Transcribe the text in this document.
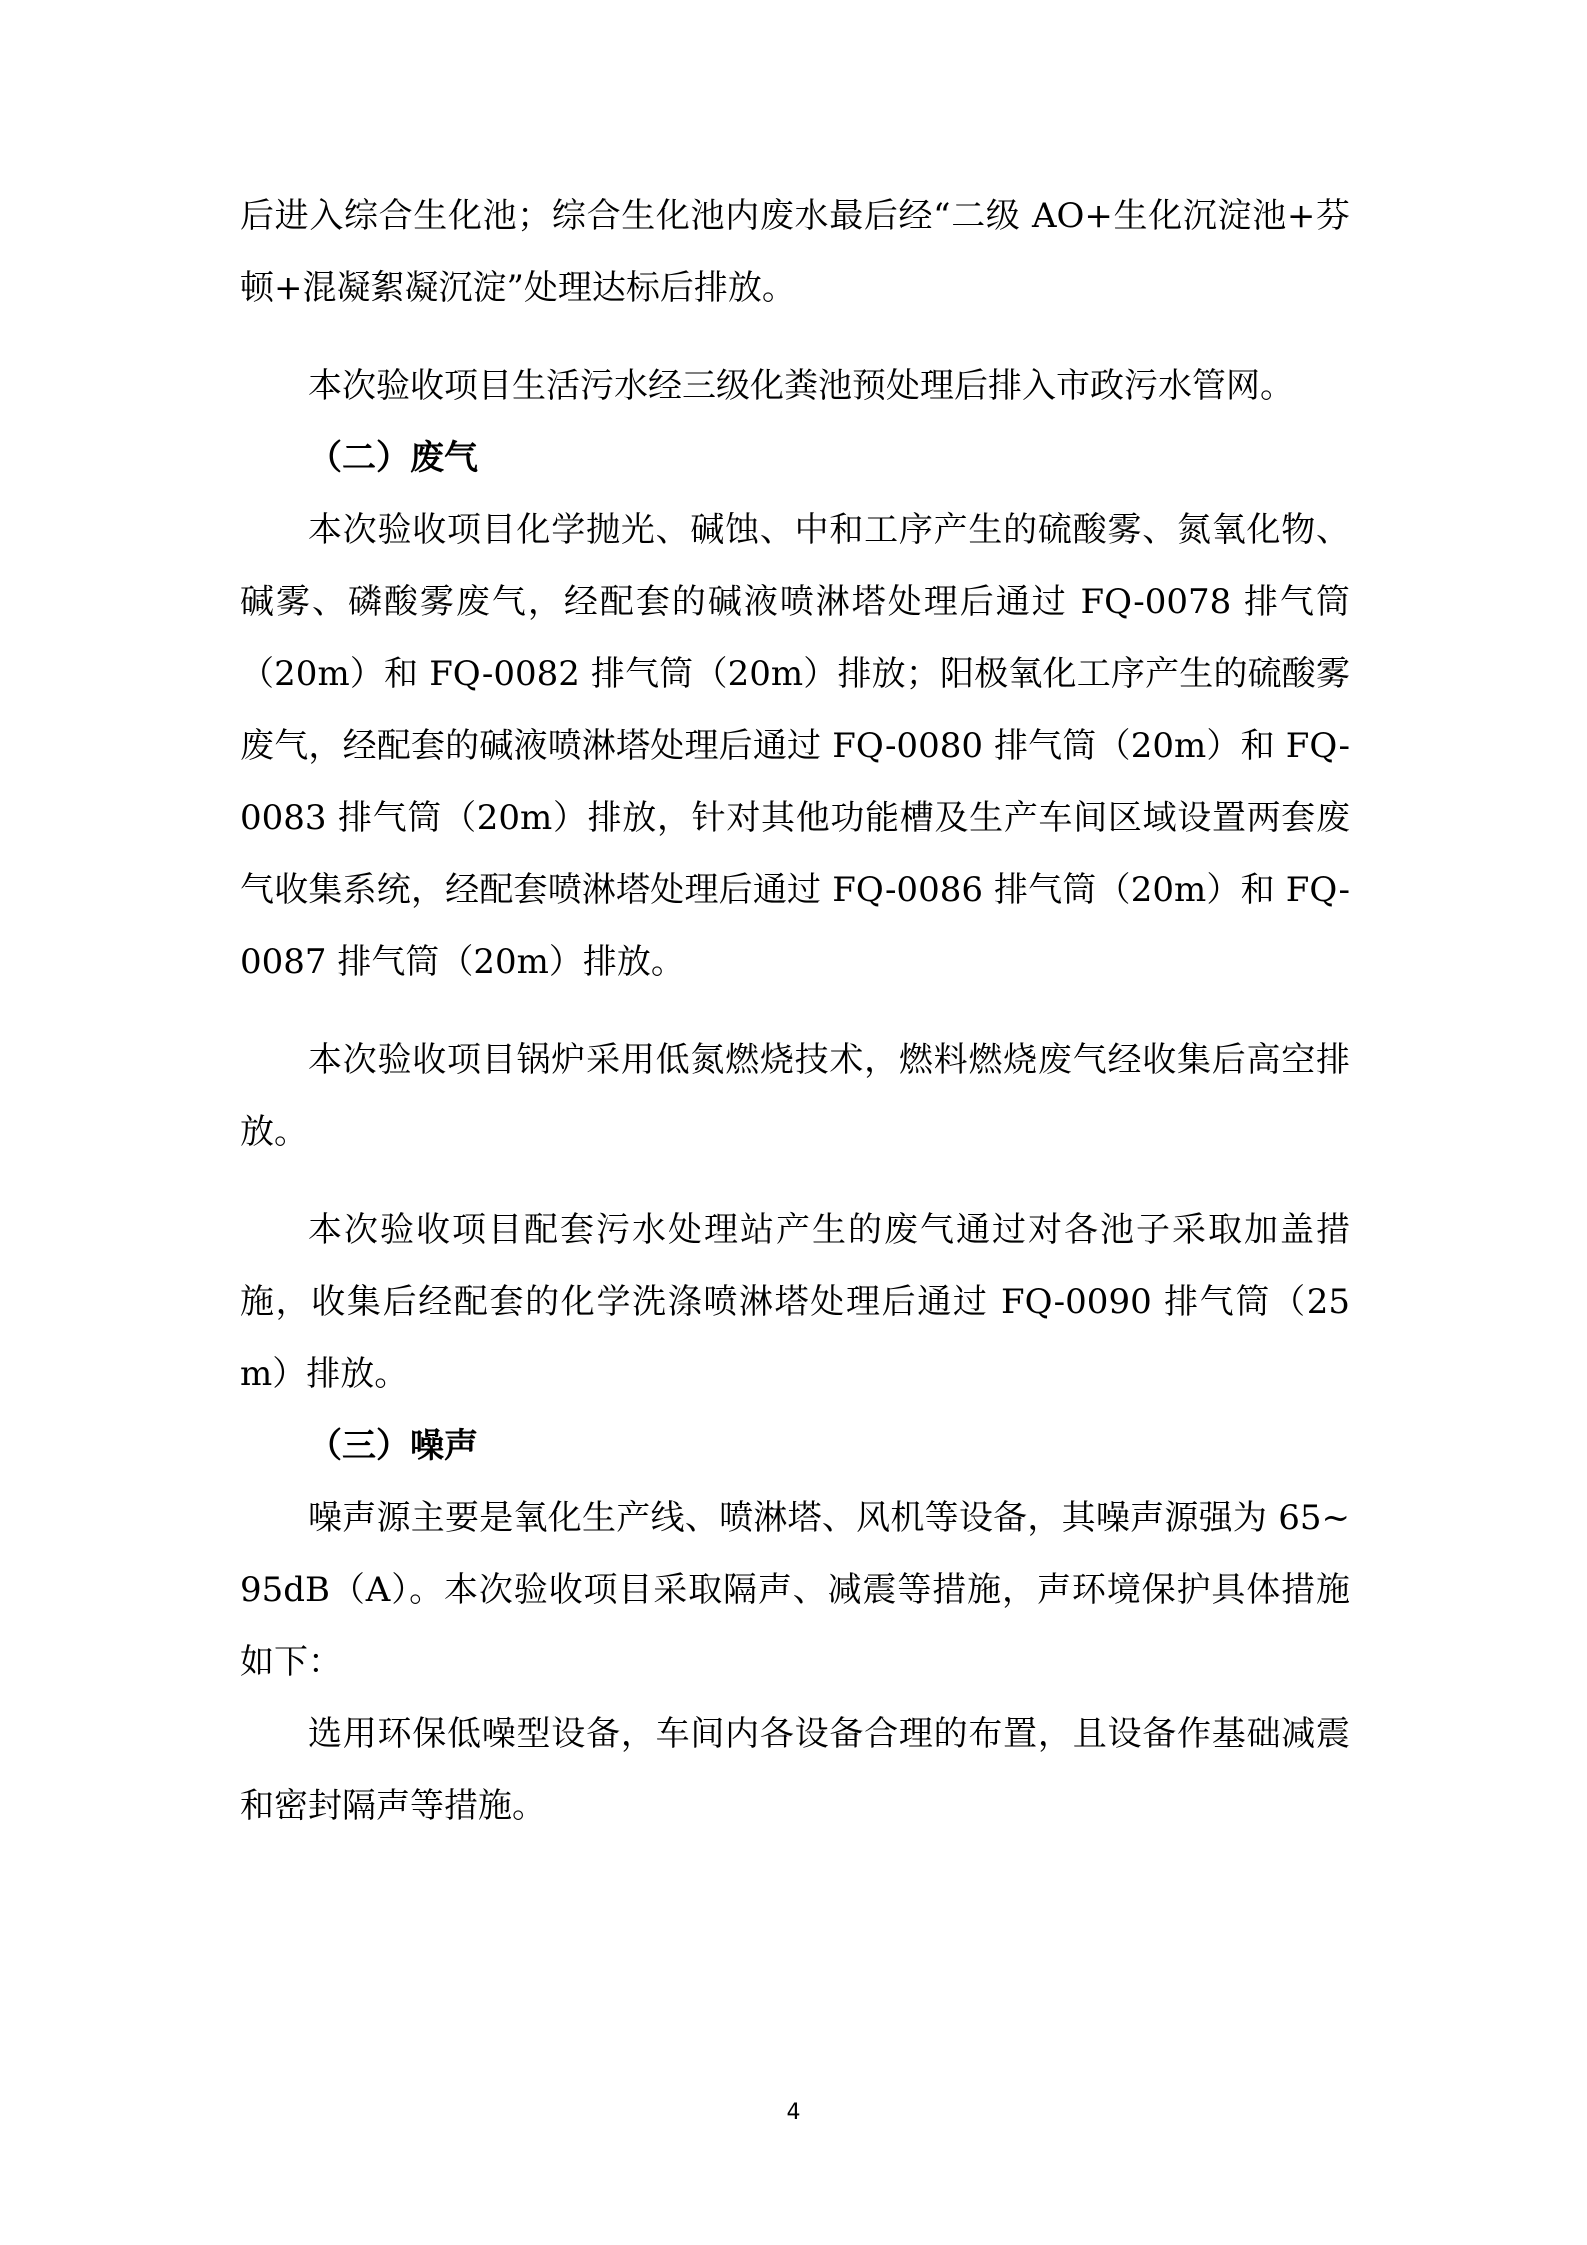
后进入综合生化池；综合生化池内废水最后经“二级 AO+生化沉淀池+芬顿+混凝絮凝沉淀”处理达标后排放。

本次验收项目生活污水经三级化粪池预处理后排入市政污水管网。

（二）废气

本次验收项目化学抛光、碱蚀、中和工序产生的硫酸雾、氮氧化物、碱雾、磷酸雾废气，经配套的碱液喷淋塔处理后通过 FQ-0078 排气筒（20m）和 FQ-0082 排气筒（20m）排放；阳极氧化工序产生的硫酸雾废气，经配套的碱液喷淋塔处理后通过 FQ-0080 排气筒（20m）和 FQ-0083 排气筒（20m）排放，针对其他功能槽及生产车间区域设置两套废气收集系统，经配套喷淋塔处理后通过 FQ-0086 排气筒（20m）和 FQ-0087 排气筒（20m）排放。

本次验收项目锅炉采用低氮燃烧技术，燃料燃烧废气经收集后高空排放。

本次验收项目配套污水处理站产生的废气通过对各池子采取加盖措施，收集后经配套的化学洗涤喷淋塔处理后通过 FQ-0090 排气筒（25m）排放。

（三）噪声

噪声源主要是氧化生产线、喷淋塔、风机等设备，其噪声源强为 65~95dB（A）。本次验收项目采取隔声、减震等措施，声环境保护具体措施如下：

选用环保低噪型设备，车间内各设备合理的布置，且设备作基础减震和密封隔声等措施。

4
